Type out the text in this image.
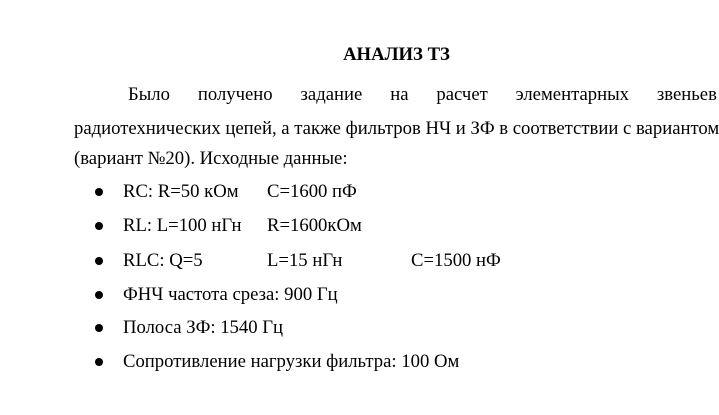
АНАЛИЗ ТЗ
Было получено задание на расчет элементарных звеньев
радиотехнических цепей, а также фильтров НЧ и ЗФ в соответствии с вариантом
(вариант №20). Исходные данные:
RC: R=50 кОм C=1600 пФ
RL: L=100 нГн R=1600кОм
RLC: Q=5	L=15 нГн	C=1500 нФ
ФНЧ частота среза: 900 Гц
Полоса ЗФ: 1540 Гц
Сопротивление нагрузки фильтра: 100 Ом
